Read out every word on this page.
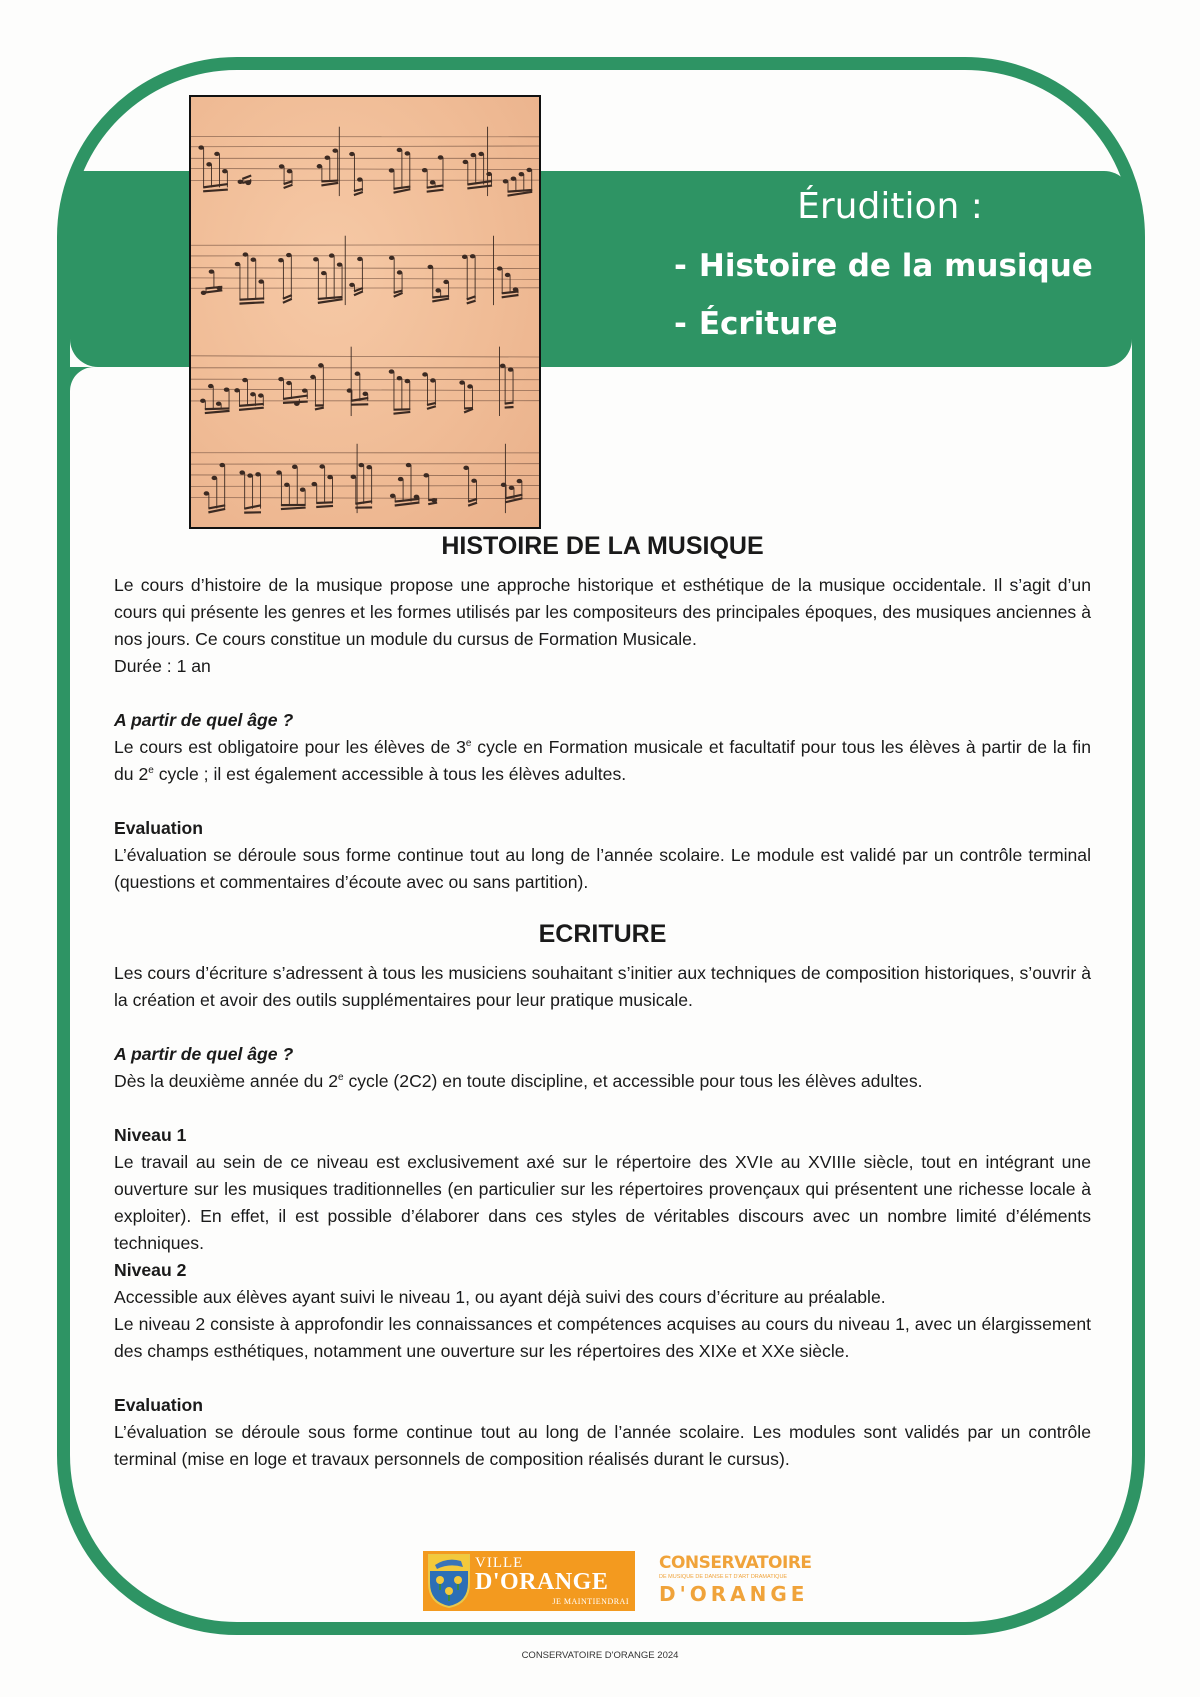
Érudition :
- Histoire de la musique
- Écriture
HISTOIRE DE LA MUSIQUE

Le cours d’histoire de la musique propose une approche historique et esthétique de la musique occidentale. Il s’agit d’un cours qui présente les genres et les formes utilisés par les compositeurs des principales époques, des musiques anciennes à nos jours. Ce cours constitue un module du cursus de Formation Musicale.

Durée : 1 an

A partir de quel âge ?

Le cours est obligatoire pour les élèves de 3e cycle en Formation musicale et facultatif pour tous les élèves à partir de la fin du 2e cycle ; il est également accessible à tous les élèves adultes.

Evaluation

L’évaluation se déroule sous forme continue tout au long de l’année scolaire. Le module est validé par un contrôle terminal (questions et commentaires d’écoute avec ou sans partition).

ECRITURE

Les cours d’écriture s’adressent à tous les musiciens souhaitant s’initier aux techniques de composition historiques, s’ouvrir à la création et avoir des outils supplémentaires pour leur pratique musicale.

A partir de quel âge ?

Dès la deuxième année du 2e cycle (2C2) en toute discipline, et accessible pour tous les élèves adultes.

Niveau 1

Le travail au sein de ce niveau est exclusivement axé sur le répertoire des XVIe au XVIIIe siècle, tout en intégrant une ouverture sur les musiques traditionnelles (en particulier sur les répertoires provençaux qui présentent une richesse locale à exploiter). En effet, il est possible d’élaborer dans ces styles de véritables discours avec un nombre limité d’éléments techniques.

Niveau 2

Accessible aux élèves ayant suivi le niveau 1, ou ayant déjà suivi des cours d’écriture au préalable.

Le niveau 2 consiste à approfondir les connaissances et compétences acquises au cours du niveau 1, avec un élargissement des champs esthétiques, notamment une ouverture sur les répertoires des XIXe et XXe siècle.

Evaluation

L’évaluation se déroule sous forme continue tout au long de l’année scolaire. Les modules sont validés par un contrôle terminal (mise en loge et travaux personnels de composition réalisés durant le cursus).

VILLE
D'ORANGE
JE MAINTIENDRAI
CONSERVATOIRE
DE MUSIQUE DE DANSE ET D'ART DRAMATIQUE
D'ORANGE
CONSERVATOIRE D'ORANGE 2024
